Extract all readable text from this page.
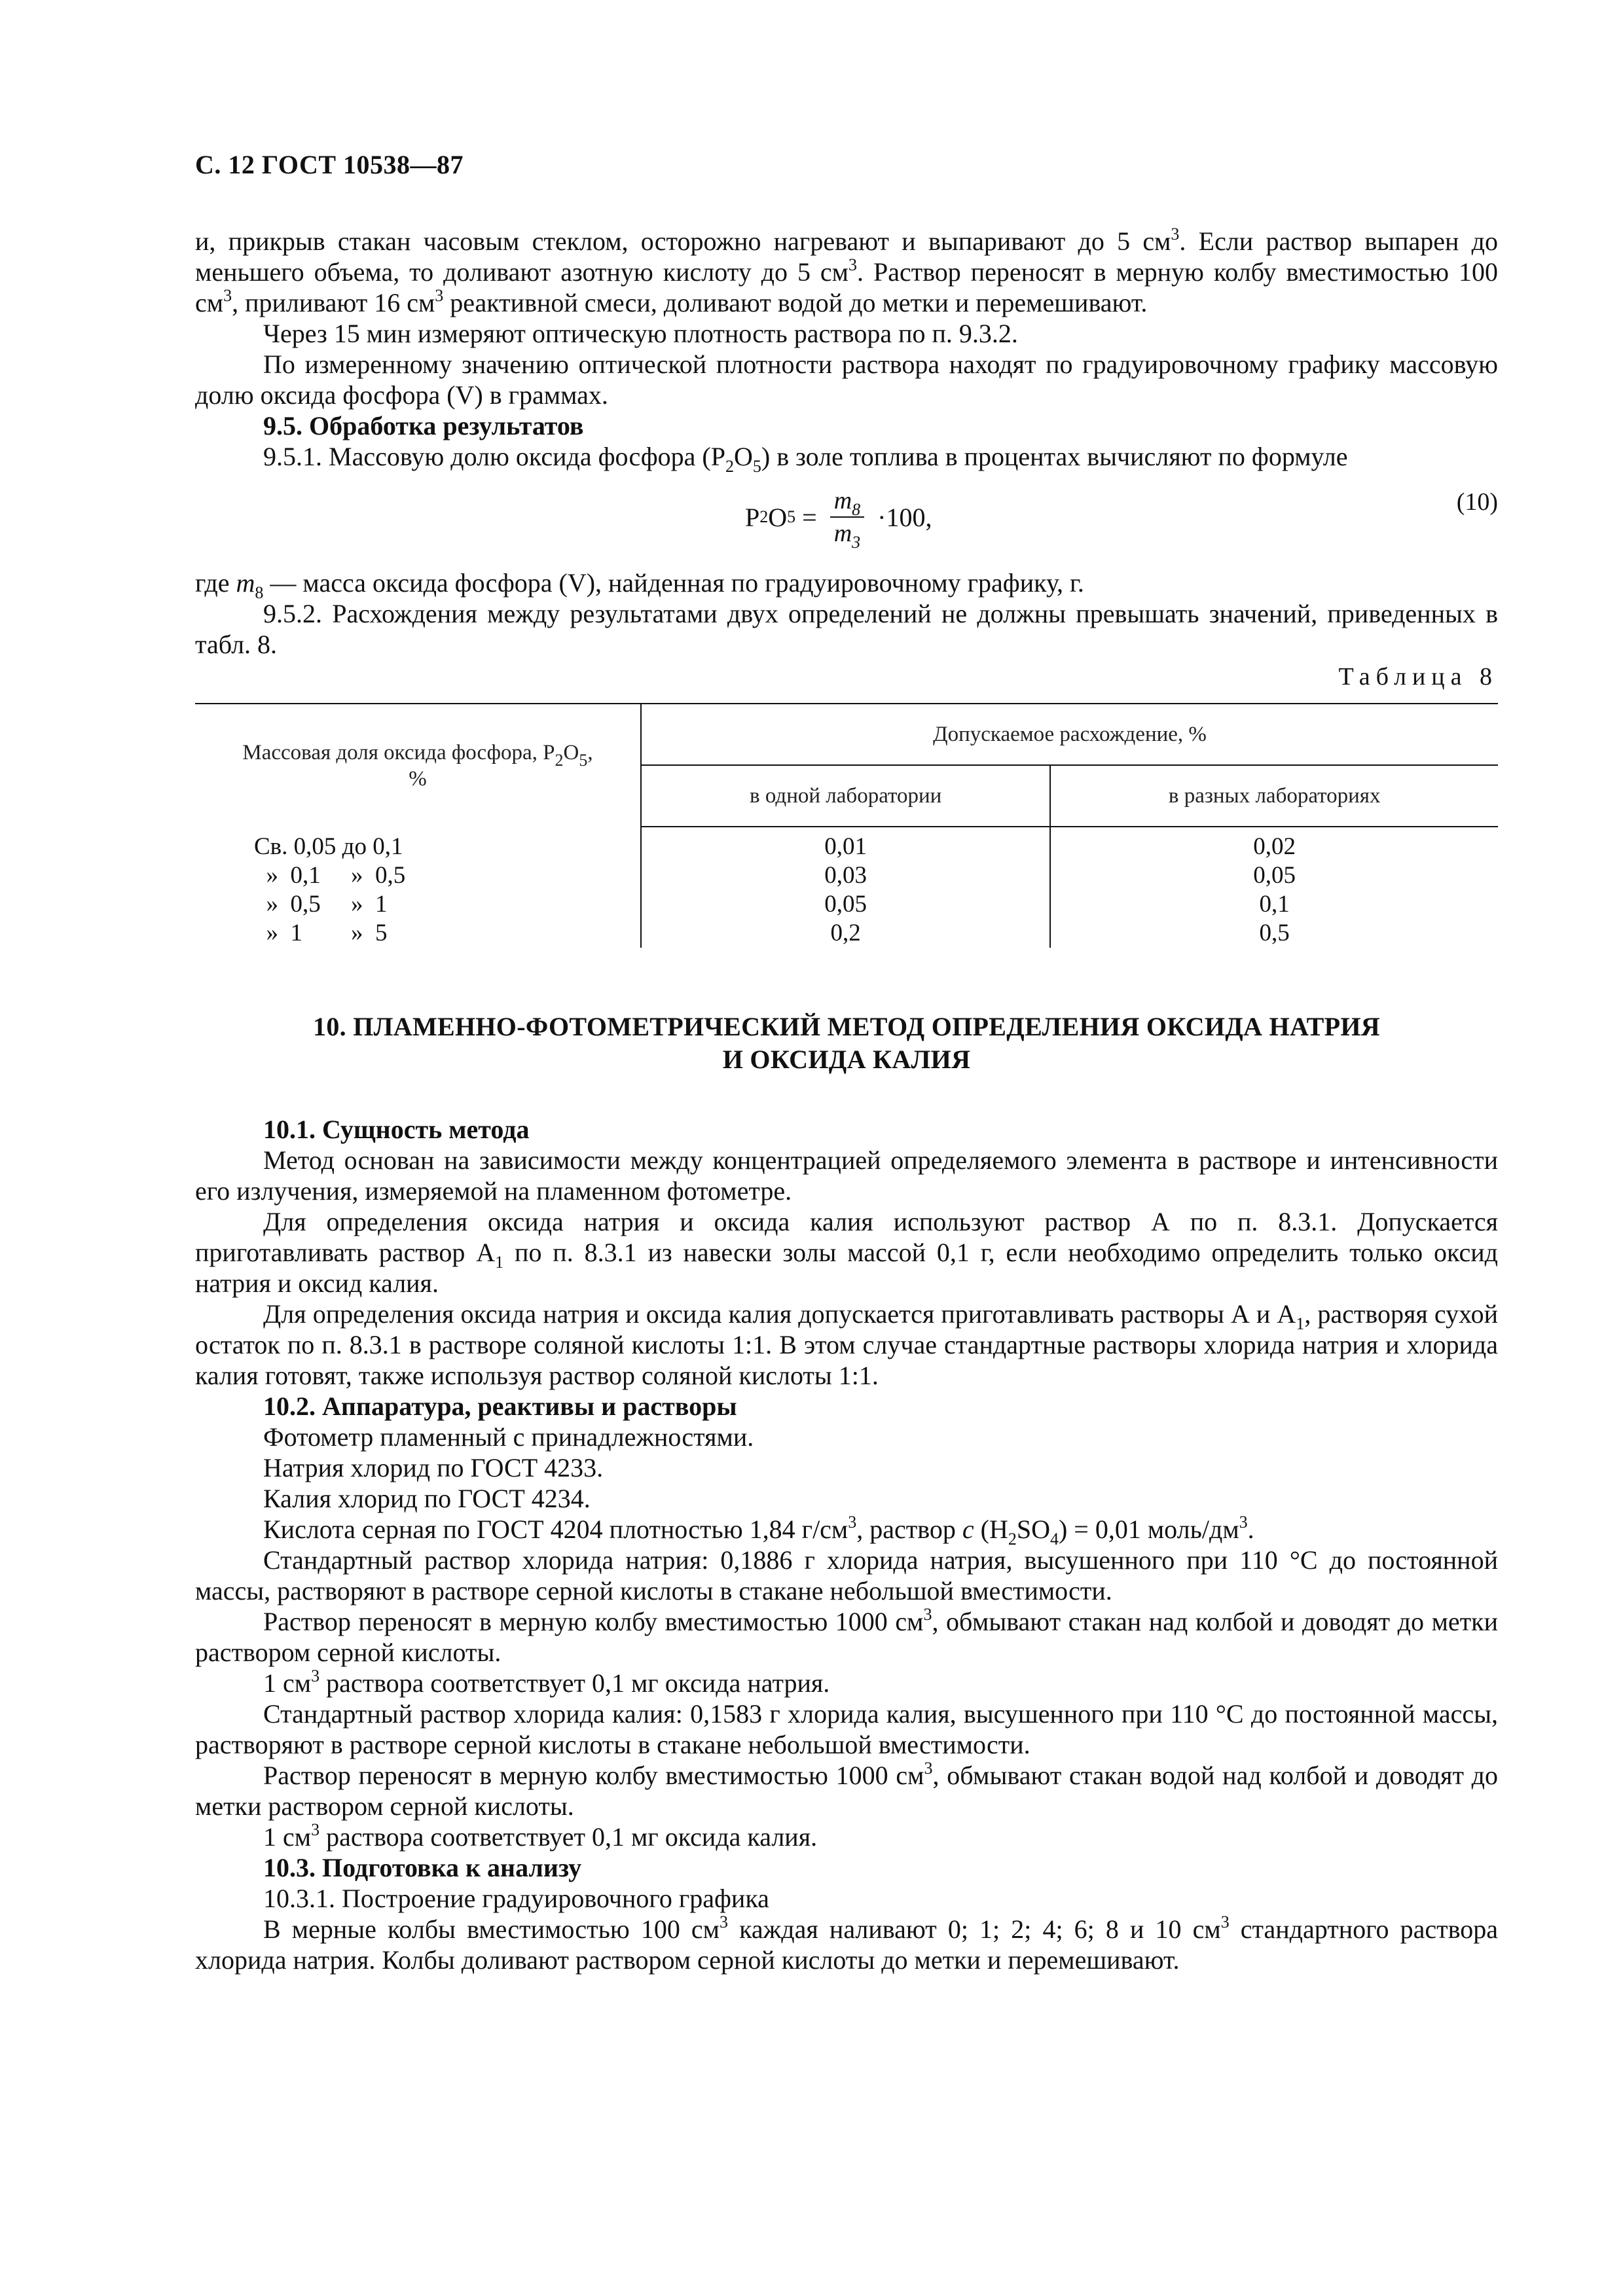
С. 12 ГОСТ 10538—87

и, прикрыв стакан часовым стеклом, осторожно нагревают и выпаривают до 5 $см^3$. Если раствор выпарен до меньшего объема, то доливают азотную кислоту до 5 $см^3$. Раствор переносят в мерную колбу вместимостью 100 $см^3$, приливают 16 $см^3$ реактивной смеси, доливают водой до метки и перемешивают.

Через 15 мин измеряют оптическую плотность раствора по п. 9.3.2.

По измеренному значению оптической плотности раствора находят по градуировочному графику массовую долю оксида фосфора (V) в граммах.

9.5. Обработка результатов

9.5.1. Массовую долю оксида фосфора $(P_2O_5)$ в золе топлива в процентах вычисляют по формуле

P 2 O $5 = \frac{m_8}{m_3} \cdot 100$,
(10)

где $m_8$ — масса оксида фосфора (V), найденная по градуировочному графику, г.

9.5.2. Расхождения между результатами двух определений не должны превышать значений, приведенных в табл. 8.

Таблица 8
Массовая доля оксида фосфора, $P_2O_5$,
%	Допускаемое расхождение, %	
	в одной лаборатории	в разных лабораториях
Св. 0,05 до 0,1	0,01	0,02
»  0,1     »  0,5	0,03	0,05
»  0,5     »  1	0,05	0,1
»  1        »  5	0,2	0,5
10. ПЛАМЕННО-ФОТОМЕТРИЧЕСКИЙ МЕТОД ОПРЕДЕЛЕНИЯ ОКСИДА НАТРИЯ
И ОКСИДА КАЛИЯ

10.1. Сущность метода

Метод основан на зависимости между концентрацией определяемого элемента в растворе и интенсивности его излучения, измеряемой на пламенном фотометре.

Для определения оксида натрия и оксида калия используют раствор А по п. 8.3.1. Допускается приготавливать раствор $А_1$ по п. 8.3.1 из навески золы массой 0,1 г, если необходимо определить только оксид натрия и оксид калия.

Для определения оксида натрия и оксида калия допускается приготавливать растворы А и $А_1$, растворяя сухой остаток по п. 8.3.1 в растворе соляной кислоты 1:1. В этом случае стандартные растворы хлорида натрия и хлорида калия готовят, также используя раствор соляной кислоты 1:1.

10.2. Аппаратура, реактивы и растворы

Фотометр пламенный с принадлежностями.

Натрия хлорид по ГОСТ 4233.

Калия хлорид по ГОСТ 4234.

Кислота серная по ГОСТ 4204 плотностью 1,84 $г/см^3$, раствор c $(H_2SO_4) = 0,01$ моль/$дм^3$.

Стандартный раствор хлорида натрия: 0,1886 г хлорида натрия, высушенного при 110 °С до постоянной массы, растворяют в растворе серной кислоты в стакане небольшой вместимости.

Раствор переносят в мерную колбу вместимостью 1000 $см^3$, обмывают стакан над колбой и доводят до метки раствором серной кислоты.

1 $см^3$ раствора соответствует 0,1 мг оксида натрия.

Стандартный раствор хлорида калия: 0,1583 г хлорида калия, высушенного при 110 °С до постоянной массы, растворяют в растворе серной кислоты в стакане небольшой вместимости.

Раствор переносят в мерную колбу вместимостью 1000 $см^3$, обмывают стакан водой над колбой и доводят до метки раствором серной кислоты.

1 $см^3$ раствора соответствует 0,1 мг оксида калия.

10.3. Подготовка к анализу

10.3.1. Построение градуировочного графика

В мерные колбы вместимостью 100 $см^3$ каждая наливают 0; 1; 2; 4; 6; 8 и 10 $см^3$ стандартного раствора хлорида натрия. Колбы доливают раствором серной кислоты до метки и перемешивают.
